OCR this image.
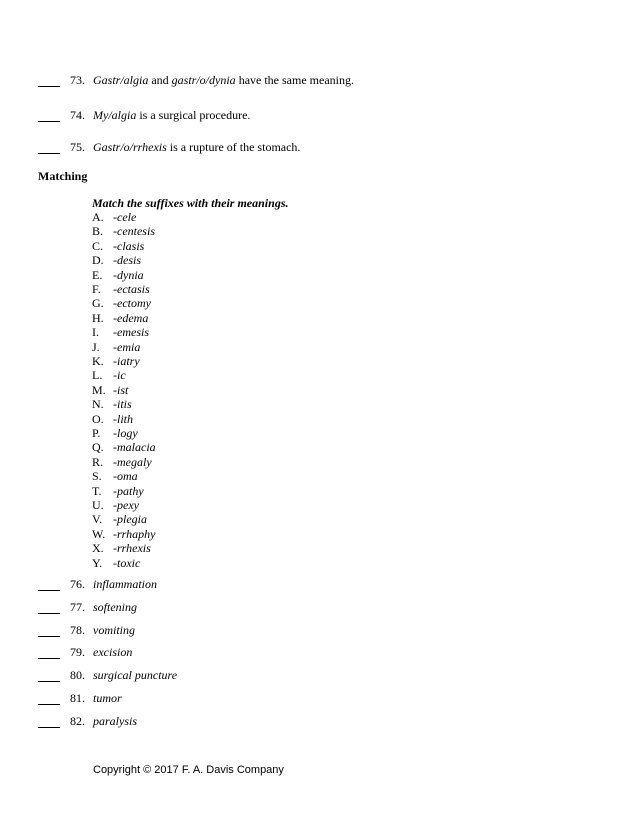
73. Gastr/algia and gastr/o/dynia have the same meaning.
74. My/algia is a surgical procedure.
75. Gastr/o/rrhexis is a rupture of the stomach.
Matching
Match the suffixes with their meanings.
A. -cele
B. -centesis
C. -clasis
D. -desis
E. -dynia
F. -ectasis
G. -ectomy
H. -edema
I. -emesis
J. -emia
K. -iatry
L. -ic
M. -ist
N. -itis
O. -lith
P. -logy
Q. -malacia
R. -megaly
S. -oma
T. -pathy
U. -pexy
V. -plegia
W. -rrhaphy
X. -rrhexis
Y. -toxic
76. inflammation
77. softening
78. vomiting
79. excision
80. surgical puncture
81. tumor
82. paralysis
Copyright © 2017 F. A. Davis Company
